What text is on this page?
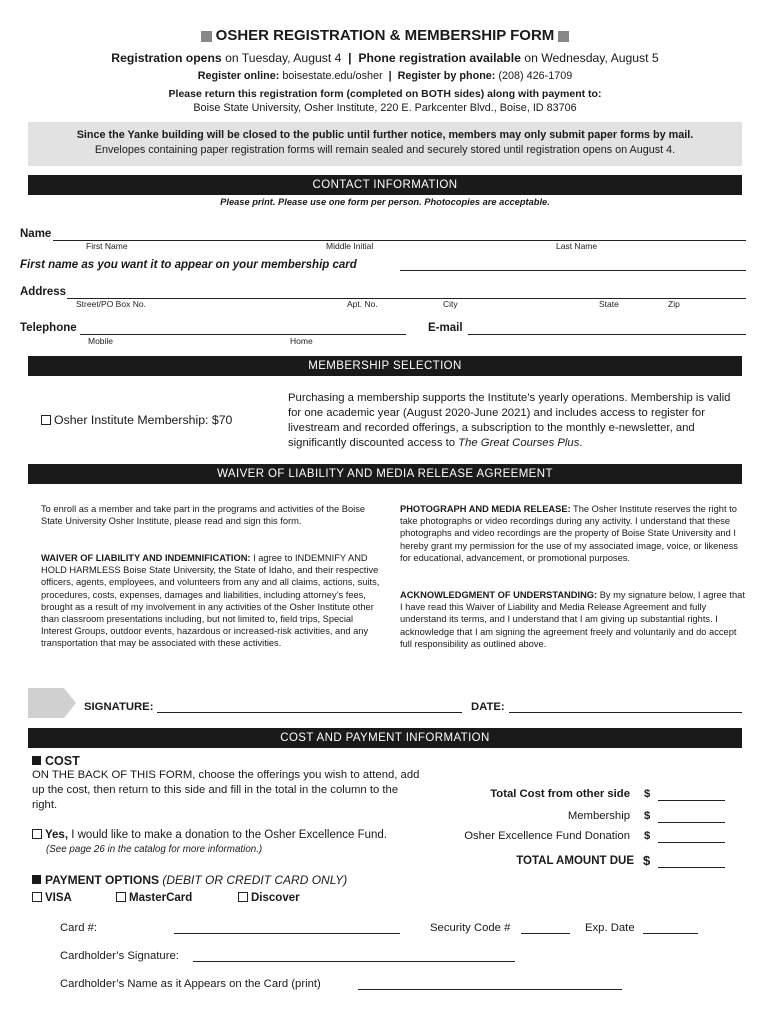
OSHER REGISTRATION & MEMBERSHIP FORM
Registration opens on Tuesday, August 4  |  Phone registration available on Wednesday, August 5
Register online: boisestate.edu/osher  |  Register by phone: (208) 426-1709
Please return this registration form (completed on BOTH sides) along with payment to:
Boise State University, Osher Institute, 220 E. Parkcenter Blvd., Boise, ID 83706
Since the Yanke building will be closed to the public until further notice, members may only submit paper forms by mail.
Envelopes containing paper registration forms will remain sealed and securely stored until registration opens on August 4.
CONTACT INFORMATION
Please print. Please use one form per person. Photocopies are acceptable.
Name
First Name	Middle Initial	Last Name
First name as you want it to appear on your membership card
Address
Street/PO Box No.	Apt. No.	City	State	Zip
Telephone
Mobile	Home
E-mail
MEMBERSHIP SELECTION
Osher Institute Membership: $70
Purchasing a membership supports the Institute’s yearly operations. Membership is valid for one academic year (August 2020-June 2021) and includes access to register for livestream and recorded offerings, a subscription to the monthly e-newsletter, and significantly discounted access to The Great Courses Plus.
WAIVER OF LIABILITY AND MEDIA RELEASE AGREEMENT
To enroll as a member and take part in the programs and activities of the Boise State University Osher Institute, please read and sign this form.
WAIVER OF LIABILITY AND INDEMNIFICATION: I agree to INDEMNIFY AND HOLD HARMLESS Boise State University, the State of Idaho, and their respective officers, agents, employees, and volunteers from any and all claims, actions, suits, procedures, costs, expenses, damages and liabilities, including attorney’s fees, brought as a result of my involvement in any activities of the Osher Institute other than classroom presentations including, but not limited to, field trips, Special Interest Groups, outdoor events, hazardous or increased-risk activities, and any transportation that may be associated with these activities.
PHOTOGRAPH AND MEDIA RELEASE: The Osher Institute reserves the right to take photographs or video recordings during any activity. I understand that these photographs and video recordings are the property of Boise State University and I hereby grant my permission for the use of my associated image, voice, or likeness for educational, advancement, or promotional purposes.
ACKNOWLEDGMENT OF UNDERSTANDING: By my signature below, I agree that I have read this Waiver of Liability and Media Release Agreement and fully understand its terms, and I understand that I am giving up substantial rights. I acknowledge that I am signing the agreement freely and voluntarily and do accept full responsibility as outlined above.
SIGNATURE:	DATE:
COST AND PAYMENT INFORMATION
COST
ON THE BACK OF THIS FORM, choose the offerings you wish to attend, add up the cost, then return to this side and fill in the total in the column to the right.
Total Cost from other side $
Membership $
Yes, I would like to make a donation to the Osher Excellence Fund.
(See page 26 in the catalog for more information.)
Osher Excellence Fund Donation $
TOTAL AMOUNT DUE $
PAYMENT OPTIONS (DEBIT OR CREDIT CARD ONLY)
VISA	MasterCard	Discover
Card #:	Security Code #	Exp. Date
Cardholder’s Signature:
Cardholder’s Name as it Appears on the Card (print)
